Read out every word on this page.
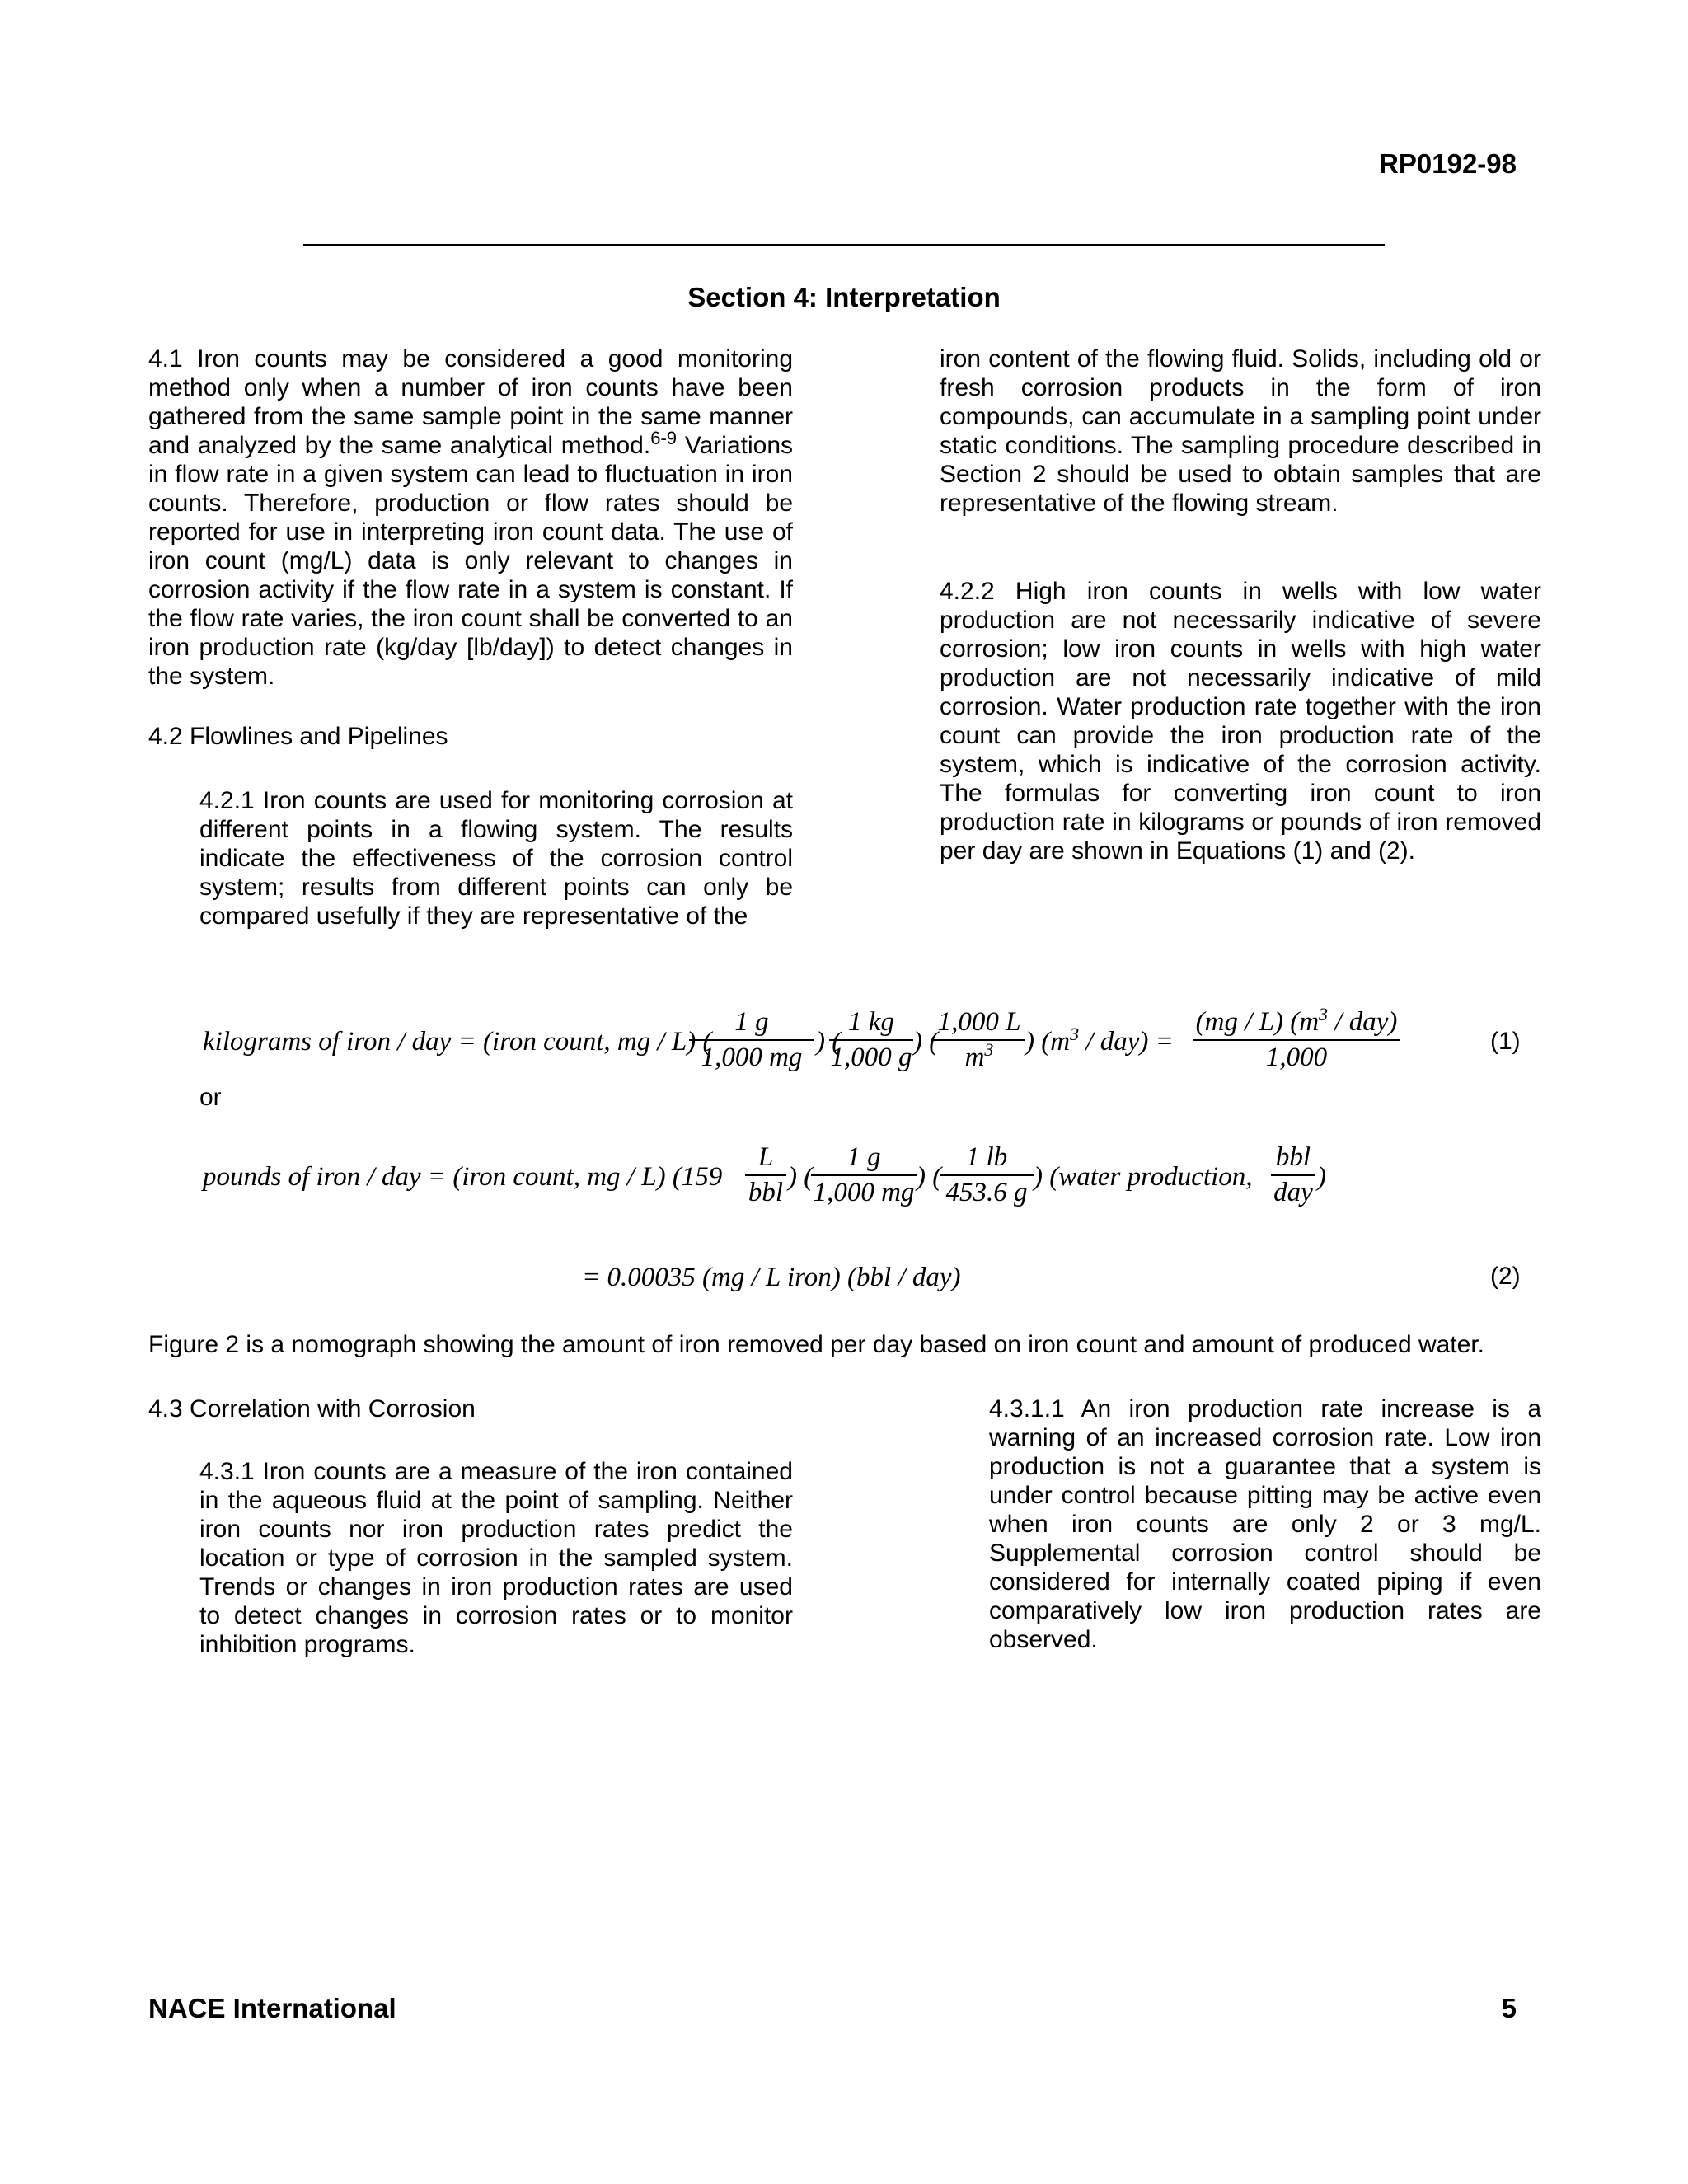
RP0192-98
Section 4: Interpretation
4.1 Iron counts may be considered a good monitoring method only when a number of iron counts have been gathered from the same sample point in the same manner and analyzed by the same analytical method.$^{6-9}$ Variations in flow rate in a given system can lead to fluctuation in iron counts. Therefore, production or flow rates should be reported for use in interpreting iron count data. The use of iron count (mg/L) data is only relevant to changes in corrosion activity if the flow rate in a system is constant. If the flow rate varies, the iron count shall be converted to an iron production rate (kg/day [lb/day]) to detect changes in the system.
4.2 Flowlines and Pipelines
4.2.1 Iron counts are used for monitoring corrosion at different points in a flowing system. The results indicate the effectiveness of the corrosion control system; results from different points can only be compared usefully if they are representative of the
iron content of the flowing fluid. Solids, including old or fresh corrosion products in the form of iron compounds, can accumulate in a sampling point under static conditions. The sampling procedure described in Section 2 should be used to obtain samples that are representative of the flowing stream.
4.2.2 High iron counts in wells with low water production are not necessarily indicative of severe corrosion; low iron counts in wells with high water production are not necessarily indicative of mild corrosion. Water production rate together with the iron count can provide the iron production rate of the system, which is indicative of the corrosion activity. The formulas for converting iron count to iron production rate in kilograms or pounds of iron removed per day are shown in Equations (1) and (2).
kilograms of iron / day = (iron count, mg / L) (
1 g
1,000 mg
) (
1 kg
1,000 g
) (
1,000 L
$m^3$	) $(m^3 / day)$ =
(mg / L) $(m^3 / day)$
1,000
(1)
or
pounds of iron / day = (iron count, mg / L) (159
L
bbl
) (
1 g
1,000 mg
) (
1 lb
453.6 g
) (water production,
bbl
day
)
= 0.00035 (mg / L iron) (bbl / day)	(2)
Figure 2 is a nomograph showing the amount of iron removed per day based on iron count and amount of produced water.
4.3 Correlation with Corrosion
4.3.1 Iron counts are a measure of the iron contained in the aqueous fluid at the point of sampling. Neither iron counts nor iron production rates predict the location or type of corrosion in the sampled system. Trends or changes in iron production rates are used to detect changes in corrosion rates or to monitor inhibition programs.
4.3.1.1 An iron production rate increase is a warning of an increased corrosion rate. Low iron production is not a guarantee that a system is under control because pitting may be active even when iron counts are only 2 or 3 mg/L. Supplemental corrosion control should be considered for internally coated piping if even comparatively low iron production rates are observed.
NACE International	5
